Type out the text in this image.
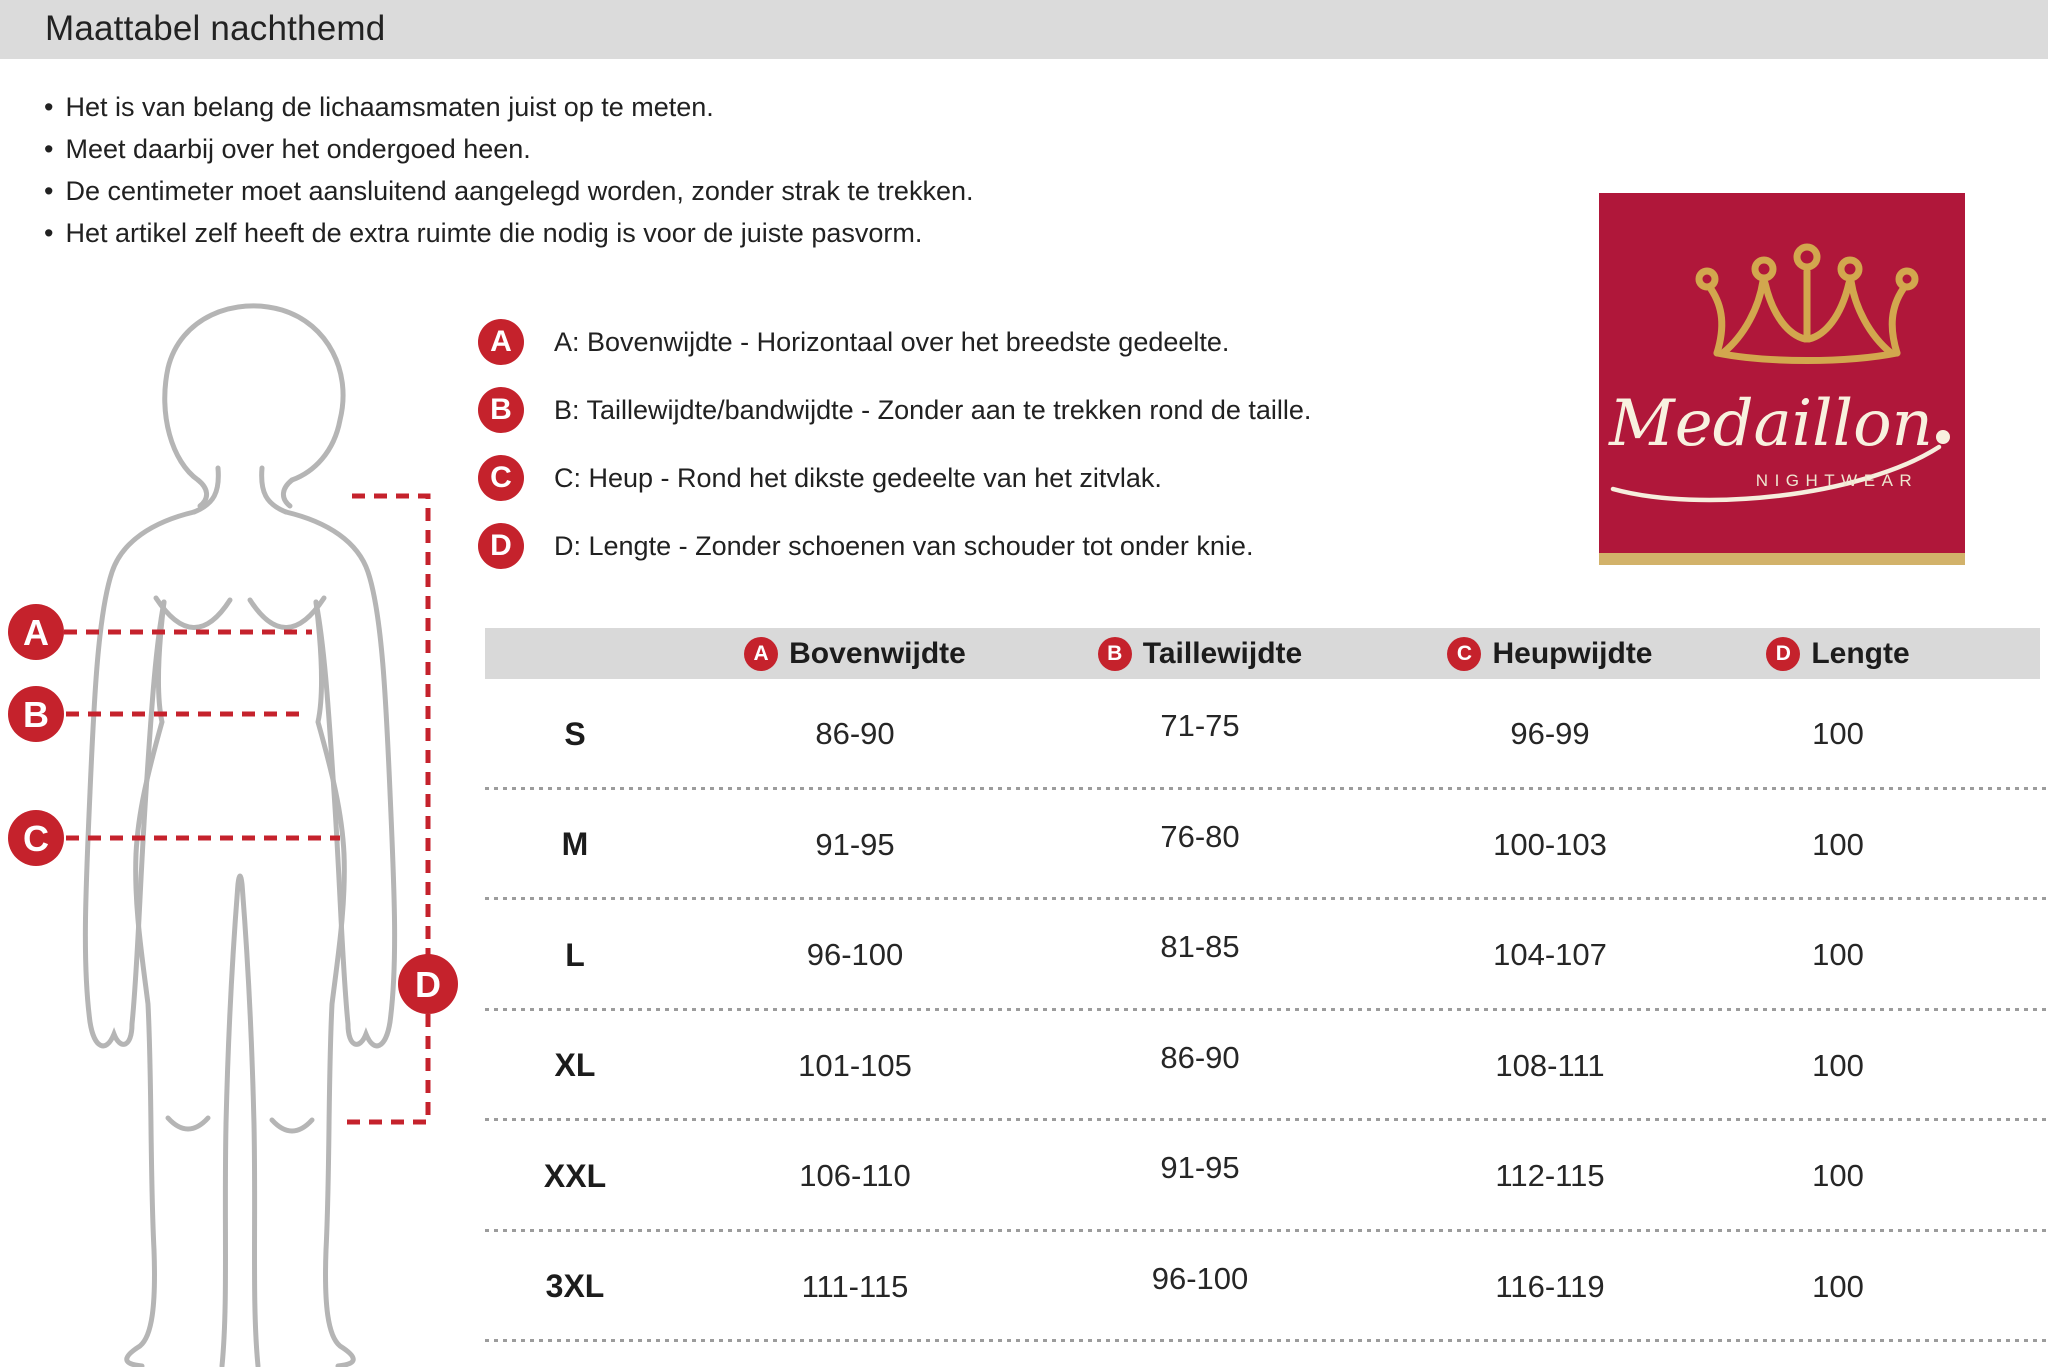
Maattabel nachthemd
• Het is van belang de lichaamsmaten juist op te meten.
• Meet daarbij over het ondergoed heen.
• De centimeter moet aansluitend aangelegd worden, zonder strak te trekken.
• Het artikel zelf heeft de extra ruimte die nodig is voor de juiste pasvorm.
A	A: Bovenwijdte - Horizontaal over het breedste gedeelte.
B	B: Taillewijdte/bandwijdte - Zonder aan te trekken rond de taille.
C	C: Heup - Rond het dikste gedeelte van het zitvlak.
D	D: Lengte - Zonder schoenen van schouder tot onder knie.
Medaillon
NIGHTWEAR
A
B
C
D
A Bovenwijdte	B Taillewijdte	C Heupwijdte	D Lengte
S	86-90	71-75	96-99	100
M	91-95	76-80	100-103	100
L	96-100	81-85	104-107	100
XL	101-105	86-90	108-111	100
XXL	106-110	91-95	112-115	100
3XL	111-115	96-100	116-119	100
